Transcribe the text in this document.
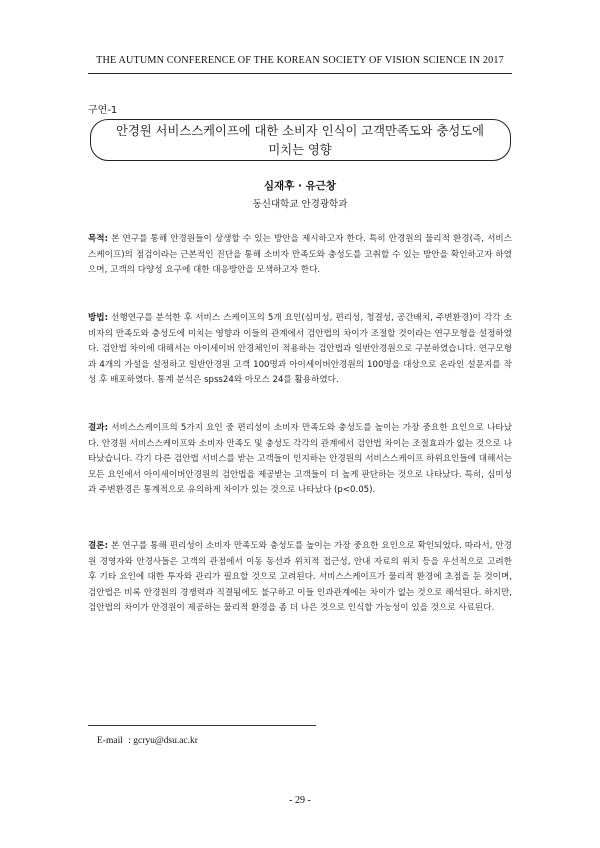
THE AUTUMN CONFERENCE OF THE KOREAN SOCIETY OF VISION SCIENCE IN 2017
구연-1
안경원 서비스스케이프에 대한 소비자 인식이 고객만족도와 충성도에
미치는 영향
심재후 · 유근창
동신대학교 안경광학과

목적: 본 연구를 통해 안경원들이 상생할 수 있는 방안을 제시하고자 한다. 특히 안경원의 물리적 환경(즉, 서비스스케이프)의 점검이라는 근본적인 진단을 통해 소비자 만족도와 충성도를 고취할 수 있는 방안을 확인하고자 하였으며, 고객의 다양성 요구에 대한 대응방안을 모색하고자 한다.

방법: 선행연구를 분석한 후 서비스 스케이프의 5개 요인(심미성, 편리성, 청결성, 공간배치, 주변환경)이 각각 소비자의 만족도와 충성도에 미치는 영향과 이들의 관계에서 검안법의 차이가 조절할 것이라는 연구모형을 설정하였다. 검안법 차이에 대해서는 아이세이버 안경체인이 적용하는 검안법과 일반안경원으로 구분하였습니다. 연구모형과 4개의 가설을 설정하고 일반안경원 고객 100명과 아이세이버안경원의 100명을 대상으로 온라인 설문지를 작성 후 배포하였다. 통계 분석은 spss24와 아모스 24를 활용하였다.

결과: 서비스스케이프의 5가지 요인 중 편리성이 소비자 만족도와 충성도를 높이는 가장 중요한 요인으로 나타났다. 안경원 서비스스케이프와 소비자 만족도 및 충성도 각각의 관계에서 검안법 차이는 조절효과가 없는 것으로 나타났습니다. 각기 다른 검안법 서비스를 받는 고객들이 인지하는 안경원의 서비스스케이프 하위요인들에 대해서는 모든 요인에서 아이세이버안경원의 검안법을 제공받는 고객들이 더 높게 판단하는 것으로 나타났다. 특히, 심미성과 주변환경은 통계적으로 유의하게 차이가 있는 것으로 나타났다 (p<0.05).

결론: 본 연구를 통해 편리성이 소비자 만족도와 충성도를 높이는 가장 중요한 요인으로 확인되었다. 따라서, 안경원 경영자와 안경사들은 고객의 관점에서 이동 동선과 위치적 접근성, 안내 자료의 위치 등을 우선적으로 고려한 후 기타 요인에 대한 투자와 관리가 필요할 것으로 고려된다. 서비스스케이프가 물리적 환경에 초점을 둔 것이며, 검안법은 비록 안경원의 경쟁력과 직결됨에도 불구하고 이들 인과관계에는 차이가 없는 것으로 해석된다. 하지만, 검안법의 차이가 안경원이 제공하는 물리적 환경을 좀 더 나은 것으로 인식할 가능성이 있을 것으로 사료된다.

E-mail : gcryu@dsu.ac.kr
- 29 -
